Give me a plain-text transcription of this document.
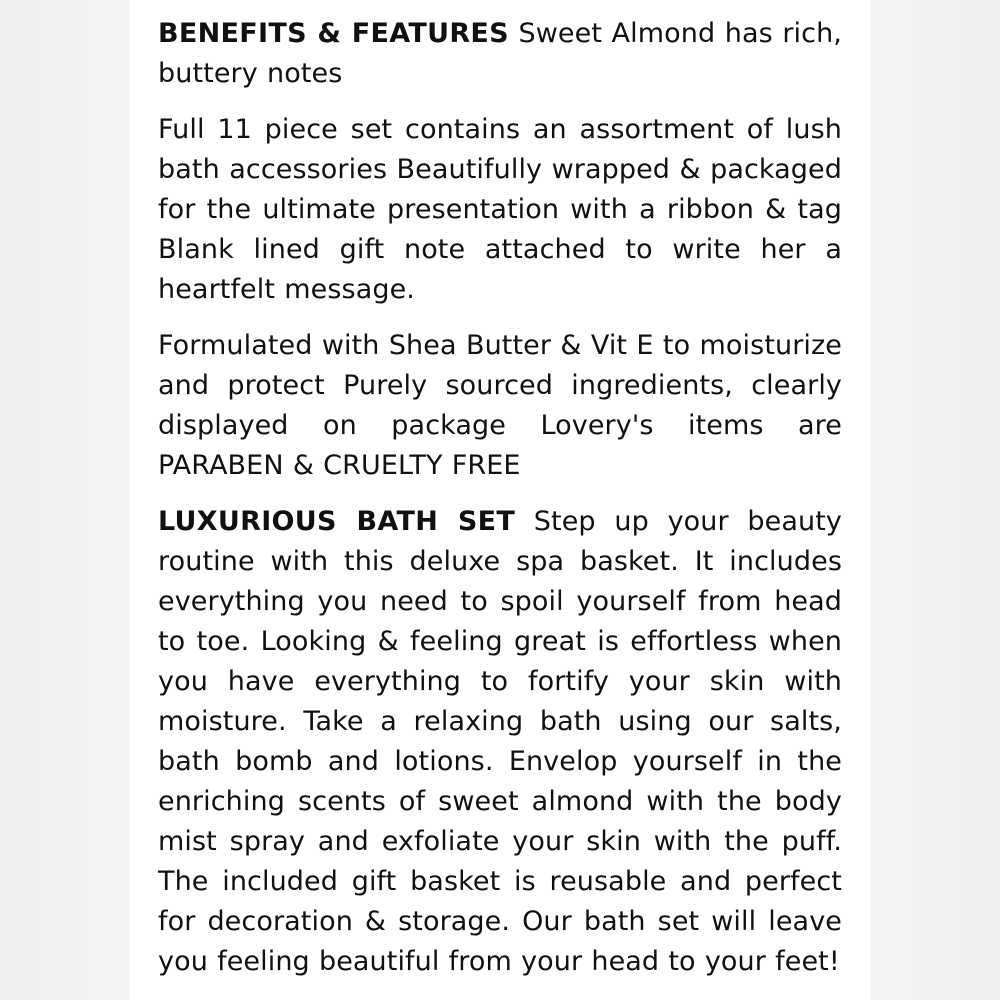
BENEFITS & FEATURES Sweet Almond has rich, buttery notes

Full 11 piece set contains an assortment of lush bath accessories Beautifully wrapped & packaged for the ultimate presentation with a ribbon & tag Blank lined gift note attached to write her a heartfelt message.

Formulated with Shea Butter & Vit E to moisturize and protect Purely sourced ingredients, clearly displayed on package Lovery's items are PARABEN & CRUELTY FREE

LUXURIOUS BATH SET Step up your beauty routine with this deluxe spa basket. It includes everything you need to spoil yourself from head to toe. Looking & feeling great is effortless when you have everything to fortify your skin with moisture. Take a relaxing bath using our salts, bath bomb and lotions. Envelop yourself in the enriching scents of sweet almond with the body mist spray and exfoliate your skin with the puff. The included gift basket is reusable and perfect for decoration & storage. Our bath set will leave you feeling beautiful from your head to your feet!
